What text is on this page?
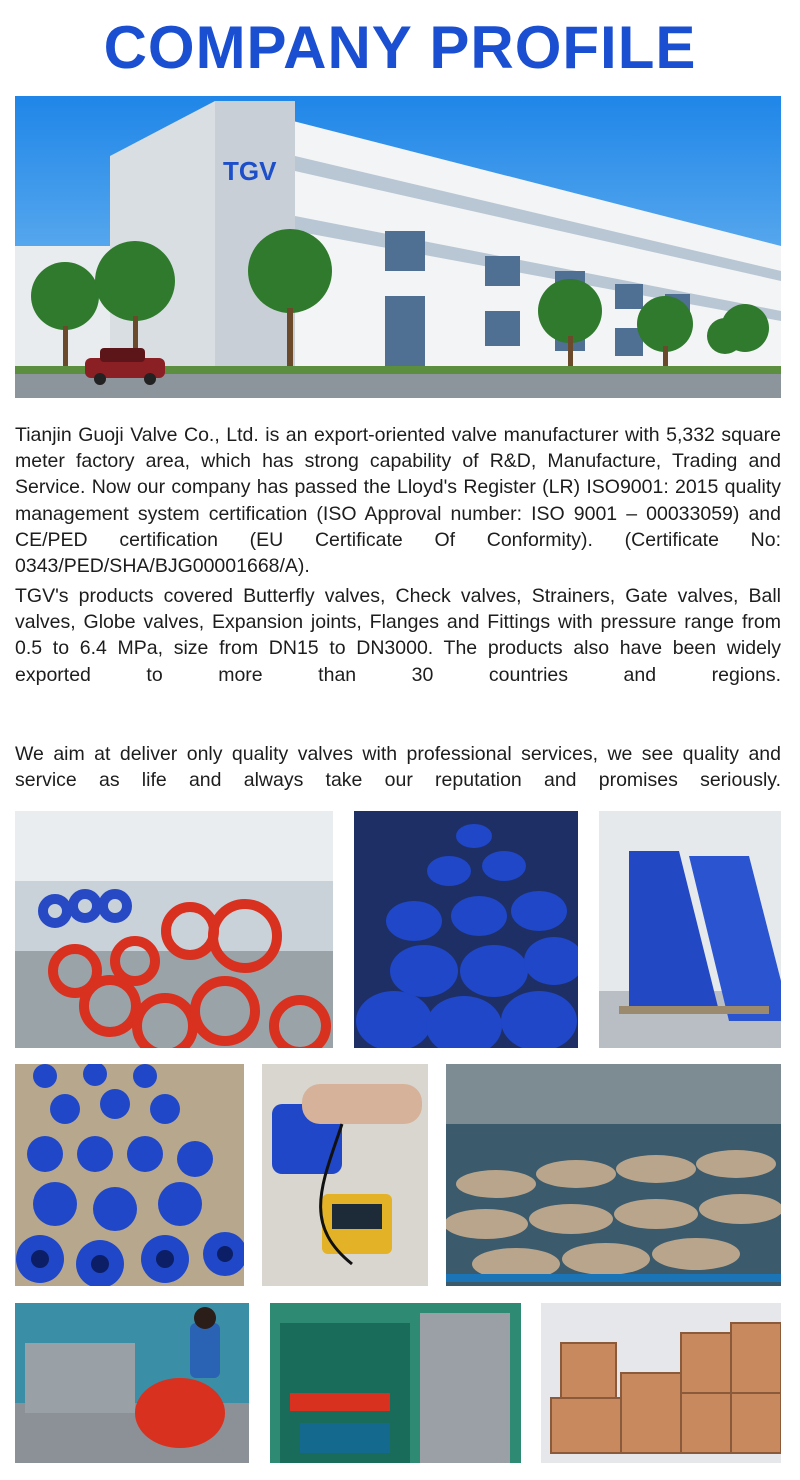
COMPANY PROFILE
TGV

Tianjin Guoji Valve Co., Ltd. is an export-oriented valve manufacturer with 5,332 square meter factory area, which has strong capability of R&D, Manufacture, Trading and Service. Now our company has passed the Lloyd's Register (LR) ISO9001: 2015 quality management system certification (ISO Approval number: ISO 9001 – 00033059) and CE/PED certification (EU Certificate Of Conformity). (Certificate No: 0343/PED/SHA/BJG00001668/A).

TGV's products covered Butterfly valves, Check valves, Strainers, Gate valves, Ball valves, Globe valves, Expansion joints, Flanges and Fittings with pressure range from 0.5 to 6.4 MPa, size from DN15 to DN3000. The products also have been widely exported to more than 30 countries and regions.

We aim at deliver only quality valves with professional services, we see quality and service as life and always take our reputation and promises seriously.
